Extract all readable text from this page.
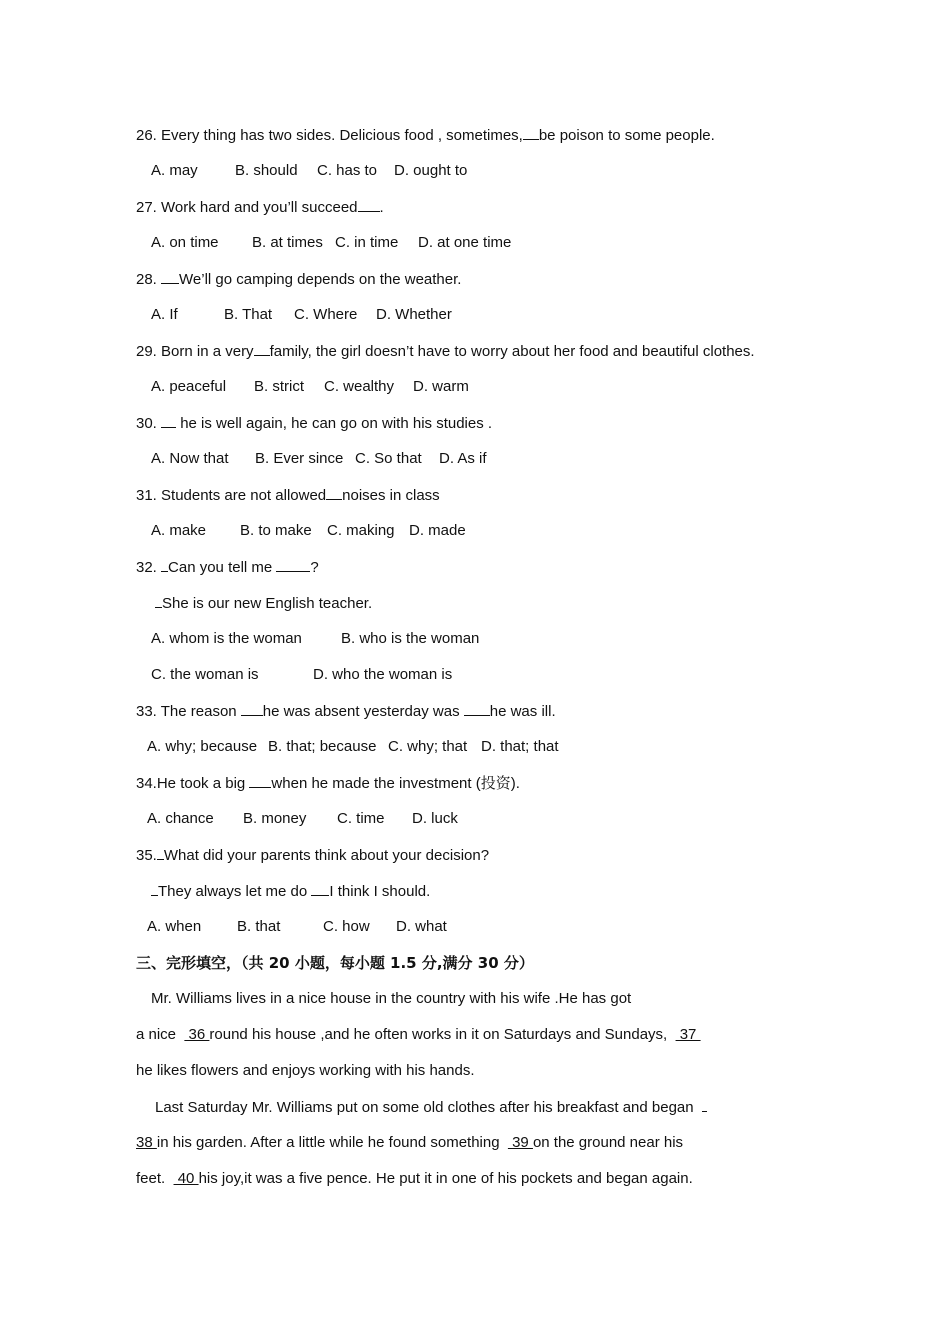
26. Every thing has two sides. Delicious food , sometimes, be poison to some people.
A. may B. should C. has to D. ought to
27. Work hard and you’ll succeed .
A. on time B. at times C. in time D. at one time
28. We’ll go camping depends on the weather.
A. If	B. That C. Where D. Whether
29. Born in a very family, the girl doesn’t have to worry about her food and beautiful clothes.
A. peaceful B. strict C. wealthy D. warm
30.  he is well again, he can go on with his studies .
A. Now that B. Ever since C. So that D. As if
31. Students are not allowed noises in class
A. make B. to make C. making D. made
32. Can you tell me ?
She is our new English teacher.
A. whom is the woman	B. who is the woman
C. the woman is	D. who the woman is
33. The reason he was absent yesterday was he was ill.
A. why; because B. that; because C. why; that D. that; that
34.He took a big when he made the investment (投资).
A. chance B. money C. time D. luck
35. What did your parents think about your decision?
They always let me do I think I should.
A. when B. that	C. how D. what
三、完形填空，（共 20 小题，每小题 1.5 分,满分 30 分）
Mr. Williams lives in a nice house in the country with his wife .He has got
a nice   36 round his house ,and he often works in it on Saturdays and Sundays,   37
he likes flowers and enjoys working with his hands.
Last Saturday Mr. Williams put on some old clothes after his breakfast and began
38 in his garden. After a little while he found something   39 on the ground near his
feet.   40 his joy,it was a five pence. He put it in one of his pockets and began again.
